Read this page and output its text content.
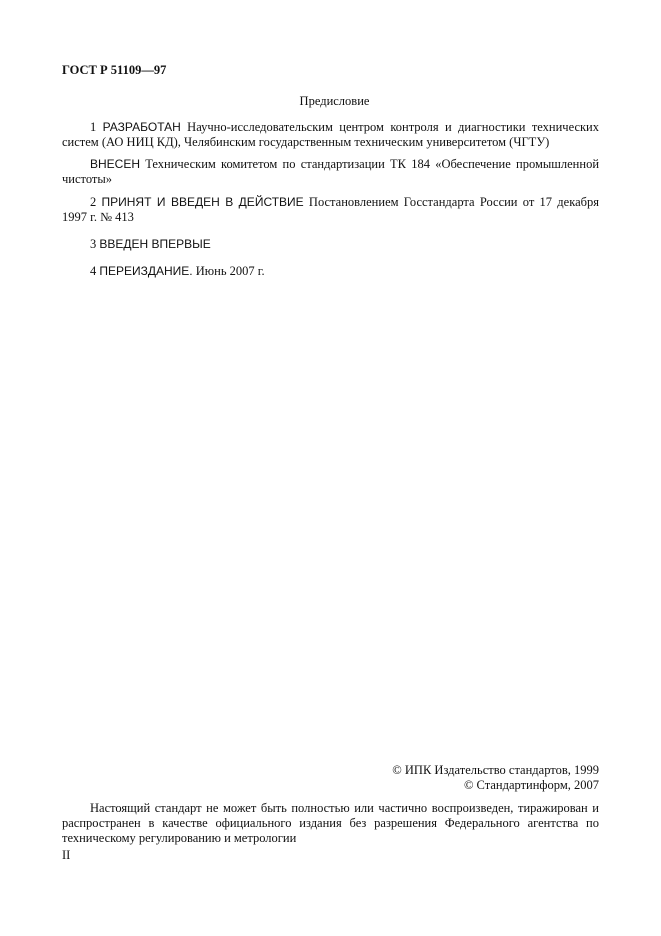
ГОСТ Р 51109—97
Предисловие
1 РАЗРАБОТАН Научно-исследовательским центром контроля и диагностики технических систем (АО НИЦ КД), Челябинским государственным техническим университетом (ЧГТУ)
ВНЕСЕН Техническим комитетом по стандартизации ТК 184 «Обеспечение промышленной чистоты»
2 ПРИНЯТ И ВВЕДЕН В ДЕЙСТВИЕ Постановлением Госстандарта России от 17 декабря 1997 г. № 413
3 ВВЕДЕН ВПЕРВЫЕ
4 ПЕРЕИЗДАНИЕ. Июнь 2007 г.
© ИПК Издательство стандартов, 1999
© Стандартинформ, 2007
Настоящий стандарт не может быть полностью или частично воспроизведен, тиражирован и распространен в качестве официального издания без разрешения Федерального агентства по техническому регулированию и метрологии
II
